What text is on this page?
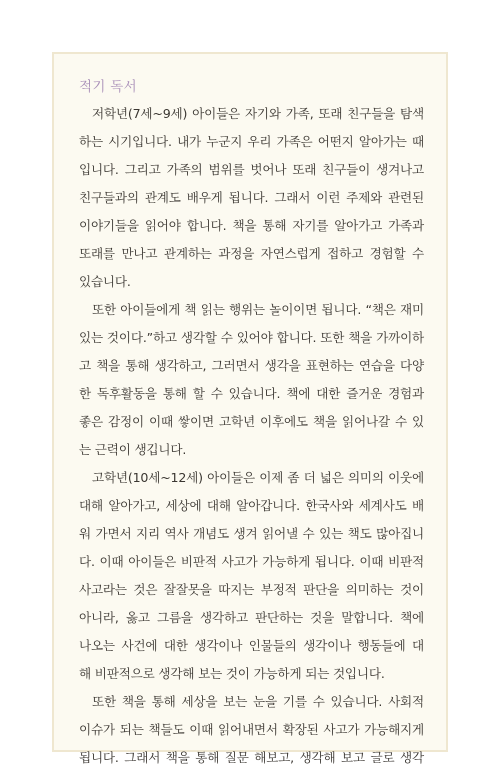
적기 독서

저학년(7세~9세) 아이들은 자기와 가족, 또래 친구들을 탐색
하는 시기입니다. 내가 누군지 우리 가족은 어떤지 알아가는 때
입니다. 그리고 가족의 범위를 벗어나 또래 친구들이 생겨나고
친구들과의 관계도 배우게 됩니다. 그래서 이런 주제와 관련된
이야기들을 읽어야 합니다. 책을 통해 자기를 알아가고 가족과
또래를 만나고 관계하는 과정을 자연스럽게 접하고 경험할 수
있습니다.

또한 아이들에게 책 읽는 행위는 놀이이면 됩니다. “책은 재미
있는 것이다.”하고 생각할 수 있어야 합니다. 또한 책을 가까이하
고 책을 통해 생각하고, 그러면서 생각을 표현하는 연습을 다양
한 독후활동을 통해 할 수 있습니다. 책에 대한 즐거운 경험과
좋은 감정이 이때 쌓이면 고학년 이후에도 책을 읽어나갈 수 있
는 근력이 생깁니다.

고학년(10세~12세) 아이들은 이제 좀 더 넓은 의미의 이웃에
대해 알아가고, 세상에 대해 알아갑니다. 한국사와 세계사도 배
워 가면서 지리 역사 개념도 생겨 읽어낼 수 있는 책도 많아집니
다. 이때 아이들은 비판적 사고가 가능하게 됩니다. 이때 비판적
사고라는 것은 잘잘못을 따지는 부정적 판단을 의미하는 것이
아니라, 옳고 그름을 생각하고 판단하는 것을 말합니다. 책에
나오는 사건에 대한 생각이나 인물들의 생각이나 행동들에 대
해 비판적으로 생각해 보는 것이 가능하게 되는 것입니다.

또한 책을 통해 세상을 보는 눈을 기를 수 있습니다. 사회적
이슈가 되는 책들도 이때 읽어내면서 확장된 사고가 가능해지게
됩니다. 그래서 책을 통해 질문 해보고, 생각해 보고 글로 생각
